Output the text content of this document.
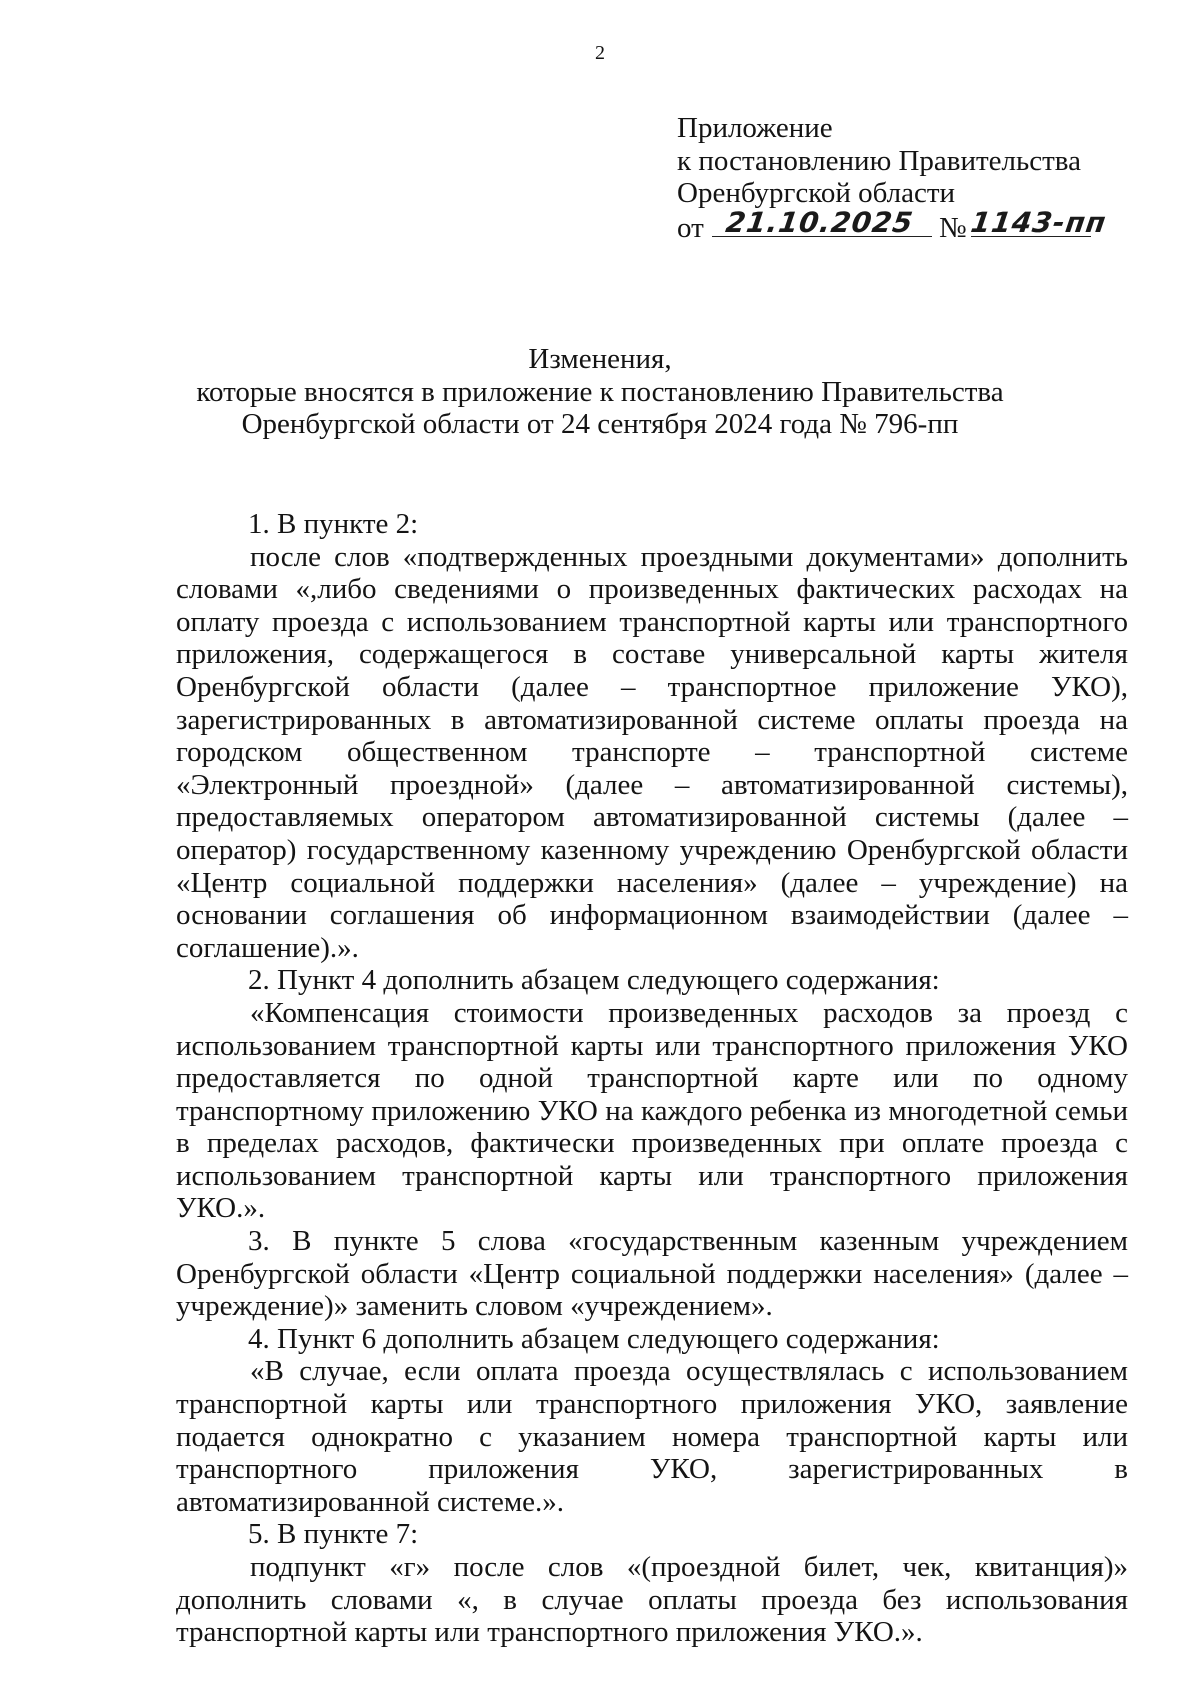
2
Приложение
к постановлению Правительства
Оренбургской области
от 21.10.2025 № 1143-пп
Изменения,
которые вносятся в приложение к постановлению Правительства
Оренбургской области от 24 сентября 2024 года № 796-пп

1. В пункте 2:

после слов «подтвержденных проездными документами» дополнить словами «,либо сведениями о произведенных фактических расходах на оплату проезда с использованием транспортной карты или транспортного приложения, содержащегося в составе универсальной карты жителя Оренбургской области (далее – транспортное приложение УКО), зарегистрированных в автоматизированной системе оплаты проезда на городском общественном транспорте – транспортной системе «Электронный проездной» (далее – автоматизированной системы), предоставляемых оператором автоматизированной системы (далее – оператор) государственному казенному учреждению Оренбургской области «Центр социальной поддержки населения» (далее – учреждение) на основании соглашения об информационном взаимодействии (далее – соглашение).».

2. Пункт 4 дополнить абзацем следующего содержания:

«Компенсация стоимости произведенных расходов за проезд с использованием транспортной карты или транспортного приложения УКО предоставляется по одной транспортной карте или по одному транспортному приложению УКО на каждого ребенка из многодетной семьи в пределах расходов, фактически произведенных при оплате проезда с использованием транспортной карты или транспортного приложения УКО.».

3. В пункте 5 слова «государственным казенным учреждением Оренбургской области «Центр социальной поддержки населения» (далее – учреждение)» заменить словом «учреждением».

4. Пункт 6 дополнить абзацем следующего содержания:

«В случае, если оплата проезда осуществлялась с использованием транспортной карты или транспортного приложения УКО, заявление подается однократно с указанием номера транспортной карты или транспортного приложения УКО, зарегистрированных в автоматизированной системе.».

5. В пункте 7:

подпункт «г» после слов «(проездной билет, чек, квитанция)» дополнить словами «, в случае оплаты проезда без использования транспортной карты или транспортного приложения УКО.».
